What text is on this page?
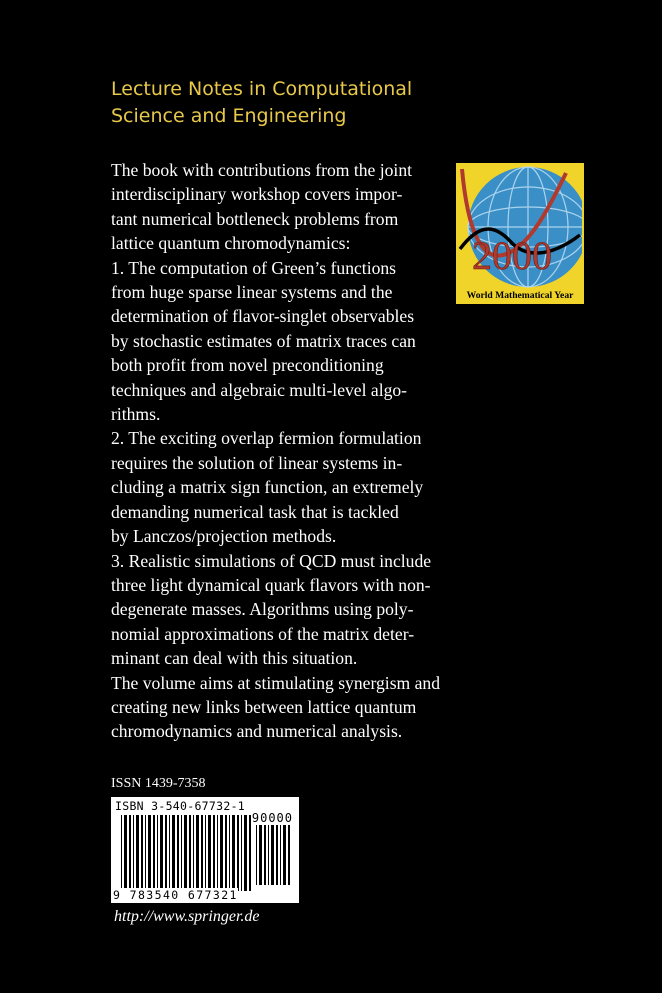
Lecture Notes in Computational
Science and Engineering
The book with contributions from the joint
interdisciplinary workshop covers impor-
tant numerical bottleneck problems from
lattice quantum chromodynamics:
1. The computation of Green’s functions
from huge sparse linear systems and the
determination of flavor-singlet observables
by stochastic estimates of matrix traces can
both profit from novel preconditioning
techniques and algebraic multi-level algo-
rithms.
2. The exciting overlap fermion formulation
requires the solution of linear systems in-
cluding a matrix sign function, an extremely
demanding numerical task that is tackled
by Lanczos/projection methods.
3. Realistic simulations of QCD must include
three light dynamical quark flavors with non-
degenerate masses. Algorithms using poly-
nomial approximations of the matrix deter-
minant can deal with this situation.
The volume aims at stimulating synergism and
creating new links between lattice quantum
chromodynamics and numerical analysis.
2000
World Mathematical Year
ISSN 1439-7358
ISBN 3-540-67732-1
90000
9 783540 677321
http://www.springer.de
